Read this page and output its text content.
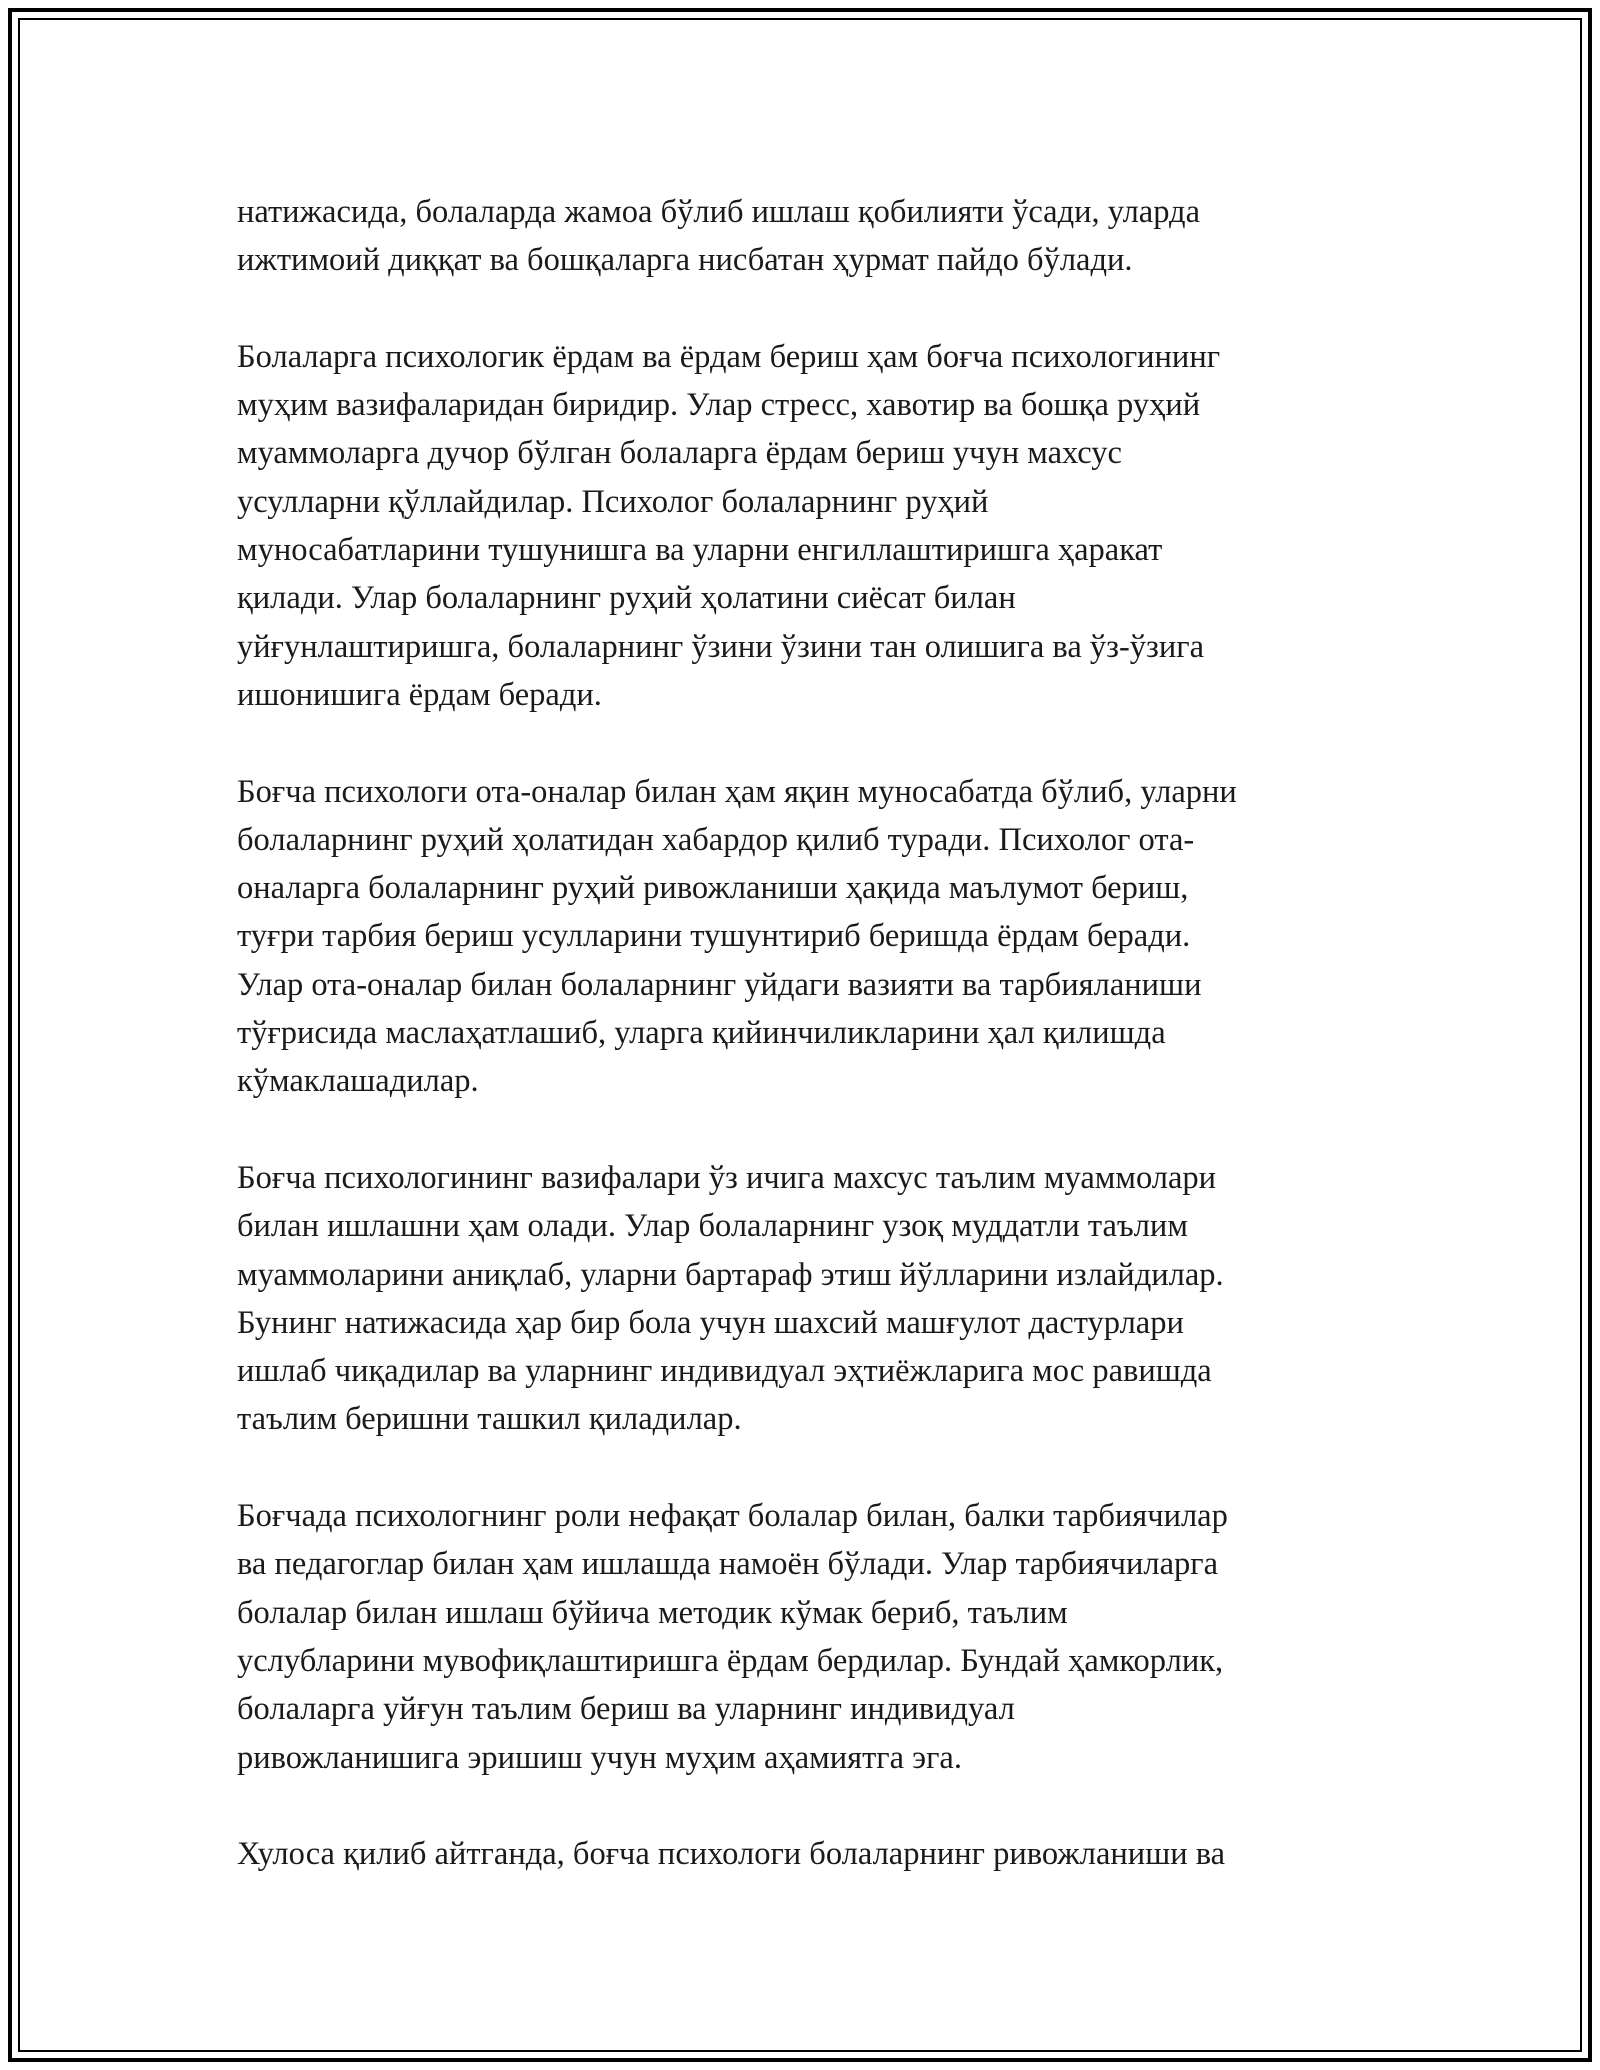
натижасида, болаларда жамоа бўлиб ишлаш қобилияти ўсади, уларда
ижтимоий диққат ва бошқаларга нисбатан ҳурмат пайдо бўлади.

Болаларга психологик ёрдам ва ёрдам бериш ҳам боғча психологининг
муҳим вазифаларидан биридир. Улар стресс, хавотир ва бошқа руҳий
муаммоларга дучор бўлган болаларга ёрдам бериш учун махсус
усулларни қўллайдилар. Психолог болаларнинг руҳий
муносабатларини тушунишга ва уларни енгиллаштиришга ҳаракат
қилади. Улар болаларнинг руҳий ҳолатини сиёсат билан
уйғунлаштиришга, болаларнинг ўзини ўзини тан олишига ва ўз-ўзига
ишонишига ёрдам беради.

Боғча психологи ота-оналар билан ҳам яқин муносабатда бўлиб, уларни
болаларнинг руҳий ҳолатидан хабардор қилиб туради. Психолог ота-
оналарга болаларнинг руҳий ривожланиши ҳақида маълумот бериш,
туғри тарбия бериш усулларини тушунтириб беришда ёрдам беради.
Улар ота-оналар билан болаларнинг уйдаги вазияти ва тарбияланиши
тўғрисида маслаҳатлашиб, уларга қийинчиликларини ҳал қилишда
кўмаклашадилар.

Боғча психологининг вазифалари ўз ичига махсус таълим муаммолари
билан ишлашни ҳам олади. Улар болаларнинг узоқ муддатли таълим
муаммоларини аниқлаб, уларни бартараф этиш йўлларини излайдилар.
Бунинг натижасида ҳар бир бола учун шахсий машғулот дастурлари
ишлаб чиқадилар ва уларнинг индивидуал эҳтиёжларига мос равишда
таълим беришни ташкил қиладилар.

Боғчада психологнинг роли нефақат болалар билан, балки тарбиячилар
ва педагоглар билан ҳам ишлашда намоён бўлади. Улар тарбиячиларга
болалар билан ишлаш бўйича методик кўмак бериб, таълим
услубларини мувофиқлаштиришга ёрдам бердилар. Бундай ҳамкорлик,
болаларга уйғун таълим бериш ва уларнинг индивидуал
ривожланишига эришиш учун муҳим аҳамиятга эга.

Хулоса қилиб айтганда, боғча психологи болаларнинг ривожланиши ва
